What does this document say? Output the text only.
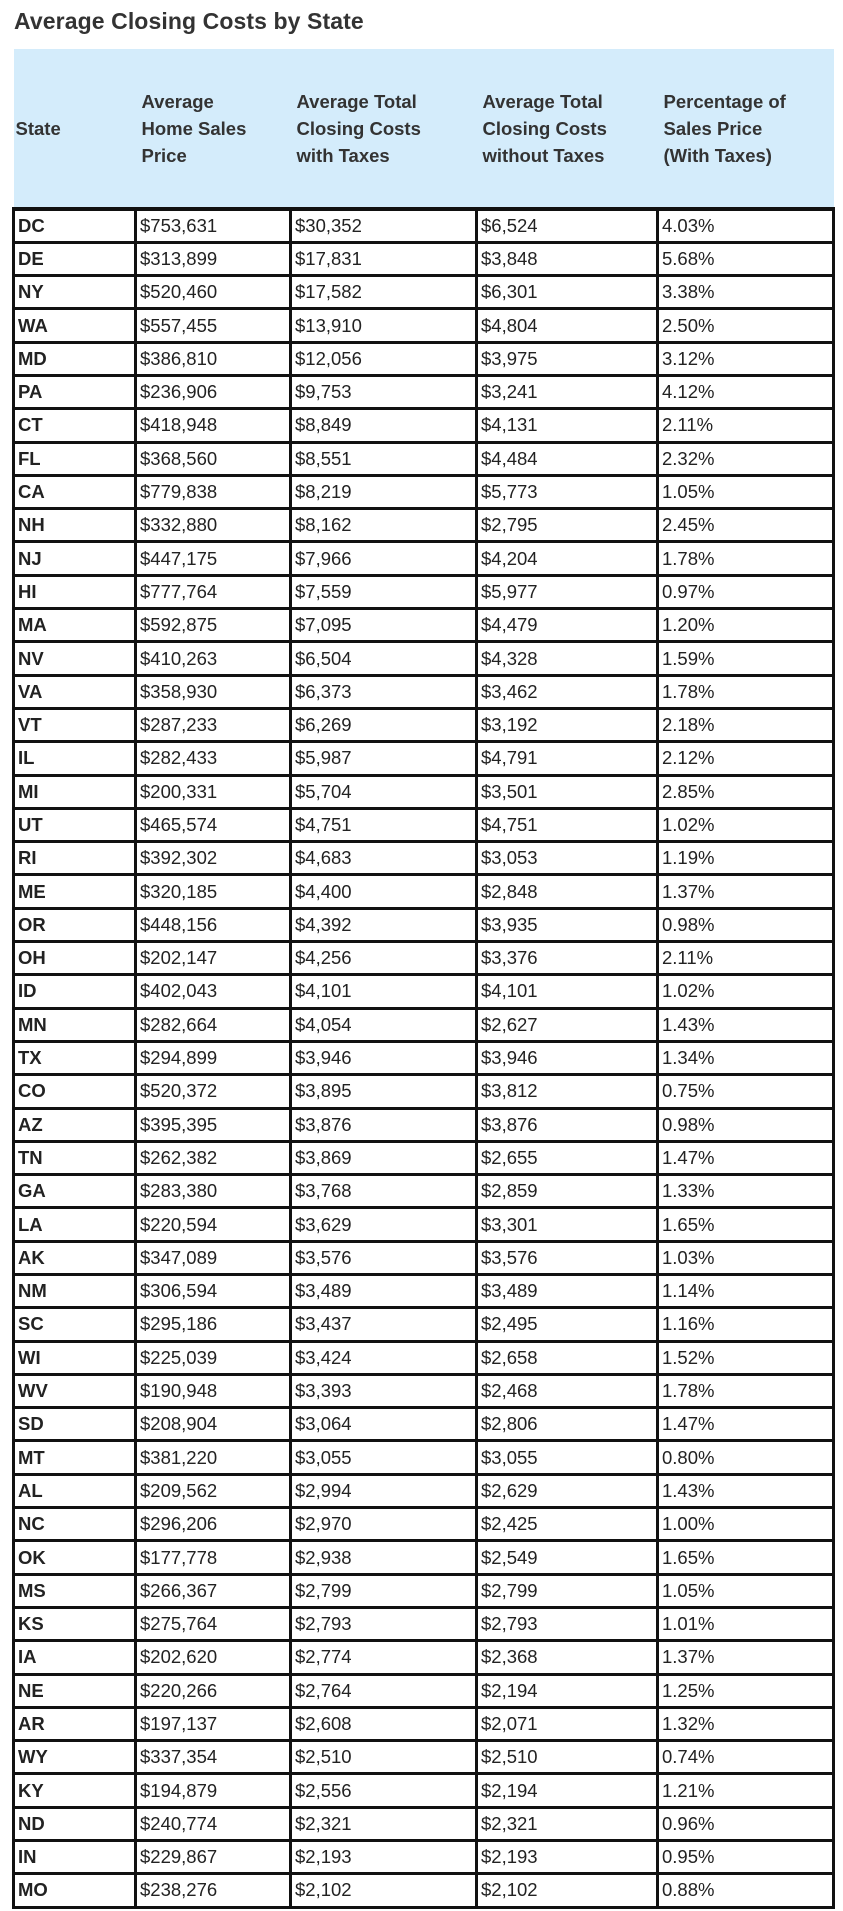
Average Closing Costs by State
State	Average
Home Sales
Price	Average Total
Closing Costs
with Taxes	Average Total
Closing Costs
without Taxes	Percentage of
Sales Price
(With Taxes)

DC	$753,631	$30,352	$6,524	4.03%
DE	$313,899	$17,831	$3,848	5.68%
NY	$520,460	$17,582	$6,301	3.38%
WA	$557,455	$13,910	$4,804	2.50%
MD	$386,810	$12,056	$3,975	3.12%
PA	$236,906	$9,753	$3,241	4.12%
CT	$418,948	$8,849	$4,131	2.11%
FL	$368,560	$8,551	$4,484	2.32%
CA	$779,838	$8,219	$5,773	1.05%
NH	$332,880	$8,162	$2,795	2.45%
NJ	$447,175	$7,966	$4,204	1.78%
HI	$777,764	$7,559	$5,977	0.97%
MA	$592,875	$7,095	$4,479	1.20%
NV	$410,263	$6,504	$4,328	1.59%
VA	$358,930	$6,373	$3,462	1.78%
VT	$287,233	$6,269	$3,192	2.18%
IL	$282,433	$5,987	$4,791	2.12%
MI	$200,331	$5,704	$3,501	2.85%
UT	$465,574	$4,751	$4,751	1.02%
RI	$392,302	$4,683	$3,053	1.19%
ME	$320,185	$4,400	$2,848	1.37%
OR	$448,156	$4,392	$3,935	0.98%
OH	$202,147	$4,256	$3,376	2.11%
ID	$402,043	$4,101	$4,101	1.02%
MN	$282,664	$4,054	$2,627	1.43%
TX	$294,899	$3,946	$3,946	1.34%
CO	$520,372	$3,895	$3,812	0.75%
AZ	$395,395	$3,876	$3,876	0.98%
TN	$262,382	$3,869	$2,655	1.47%
GA	$283,380	$3,768	$2,859	1.33%
LA	$220,594	$3,629	$3,301	1.65%
AK	$347,089	$3,576	$3,576	1.03%
NM	$306,594	$3,489	$3,489	1.14%
SC	$295,186	$3,437	$2,495	1.16%
WI	$225,039	$3,424	$2,658	1.52%
WV	$190,948	$3,393	$2,468	1.78%
SD	$208,904	$3,064	$2,806	1.47%
MT	$381,220	$3,055	$3,055	0.80%
AL	$209,562	$2,994	$2,629	1.43%
NC	$296,206	$2,970	$2,425	1.00%
OK	$177,778	$2,938	$2,549	1.65%
MS	$266,367	$2,799	$2,799	1.05%
KS	$275,764	$2,793	$2,793	1.01%
IA	$202,620	$2,774	$2,368	1.37%
NE	$220,266	$2,764	$2,194	1.25%
AR	$197,137	$2,608	$2,071	1.32%
WY	$337,354	$2,510	$2,510	0.74%
KY	$194,879	$2,556	$2,194	1.21%
ND	$240,774	$2,321	$2,321	0.96%
IN	$229,867	$2,193	$2,193	0.95%
MO	$238,276	$2,102	$2,102	0.88%
